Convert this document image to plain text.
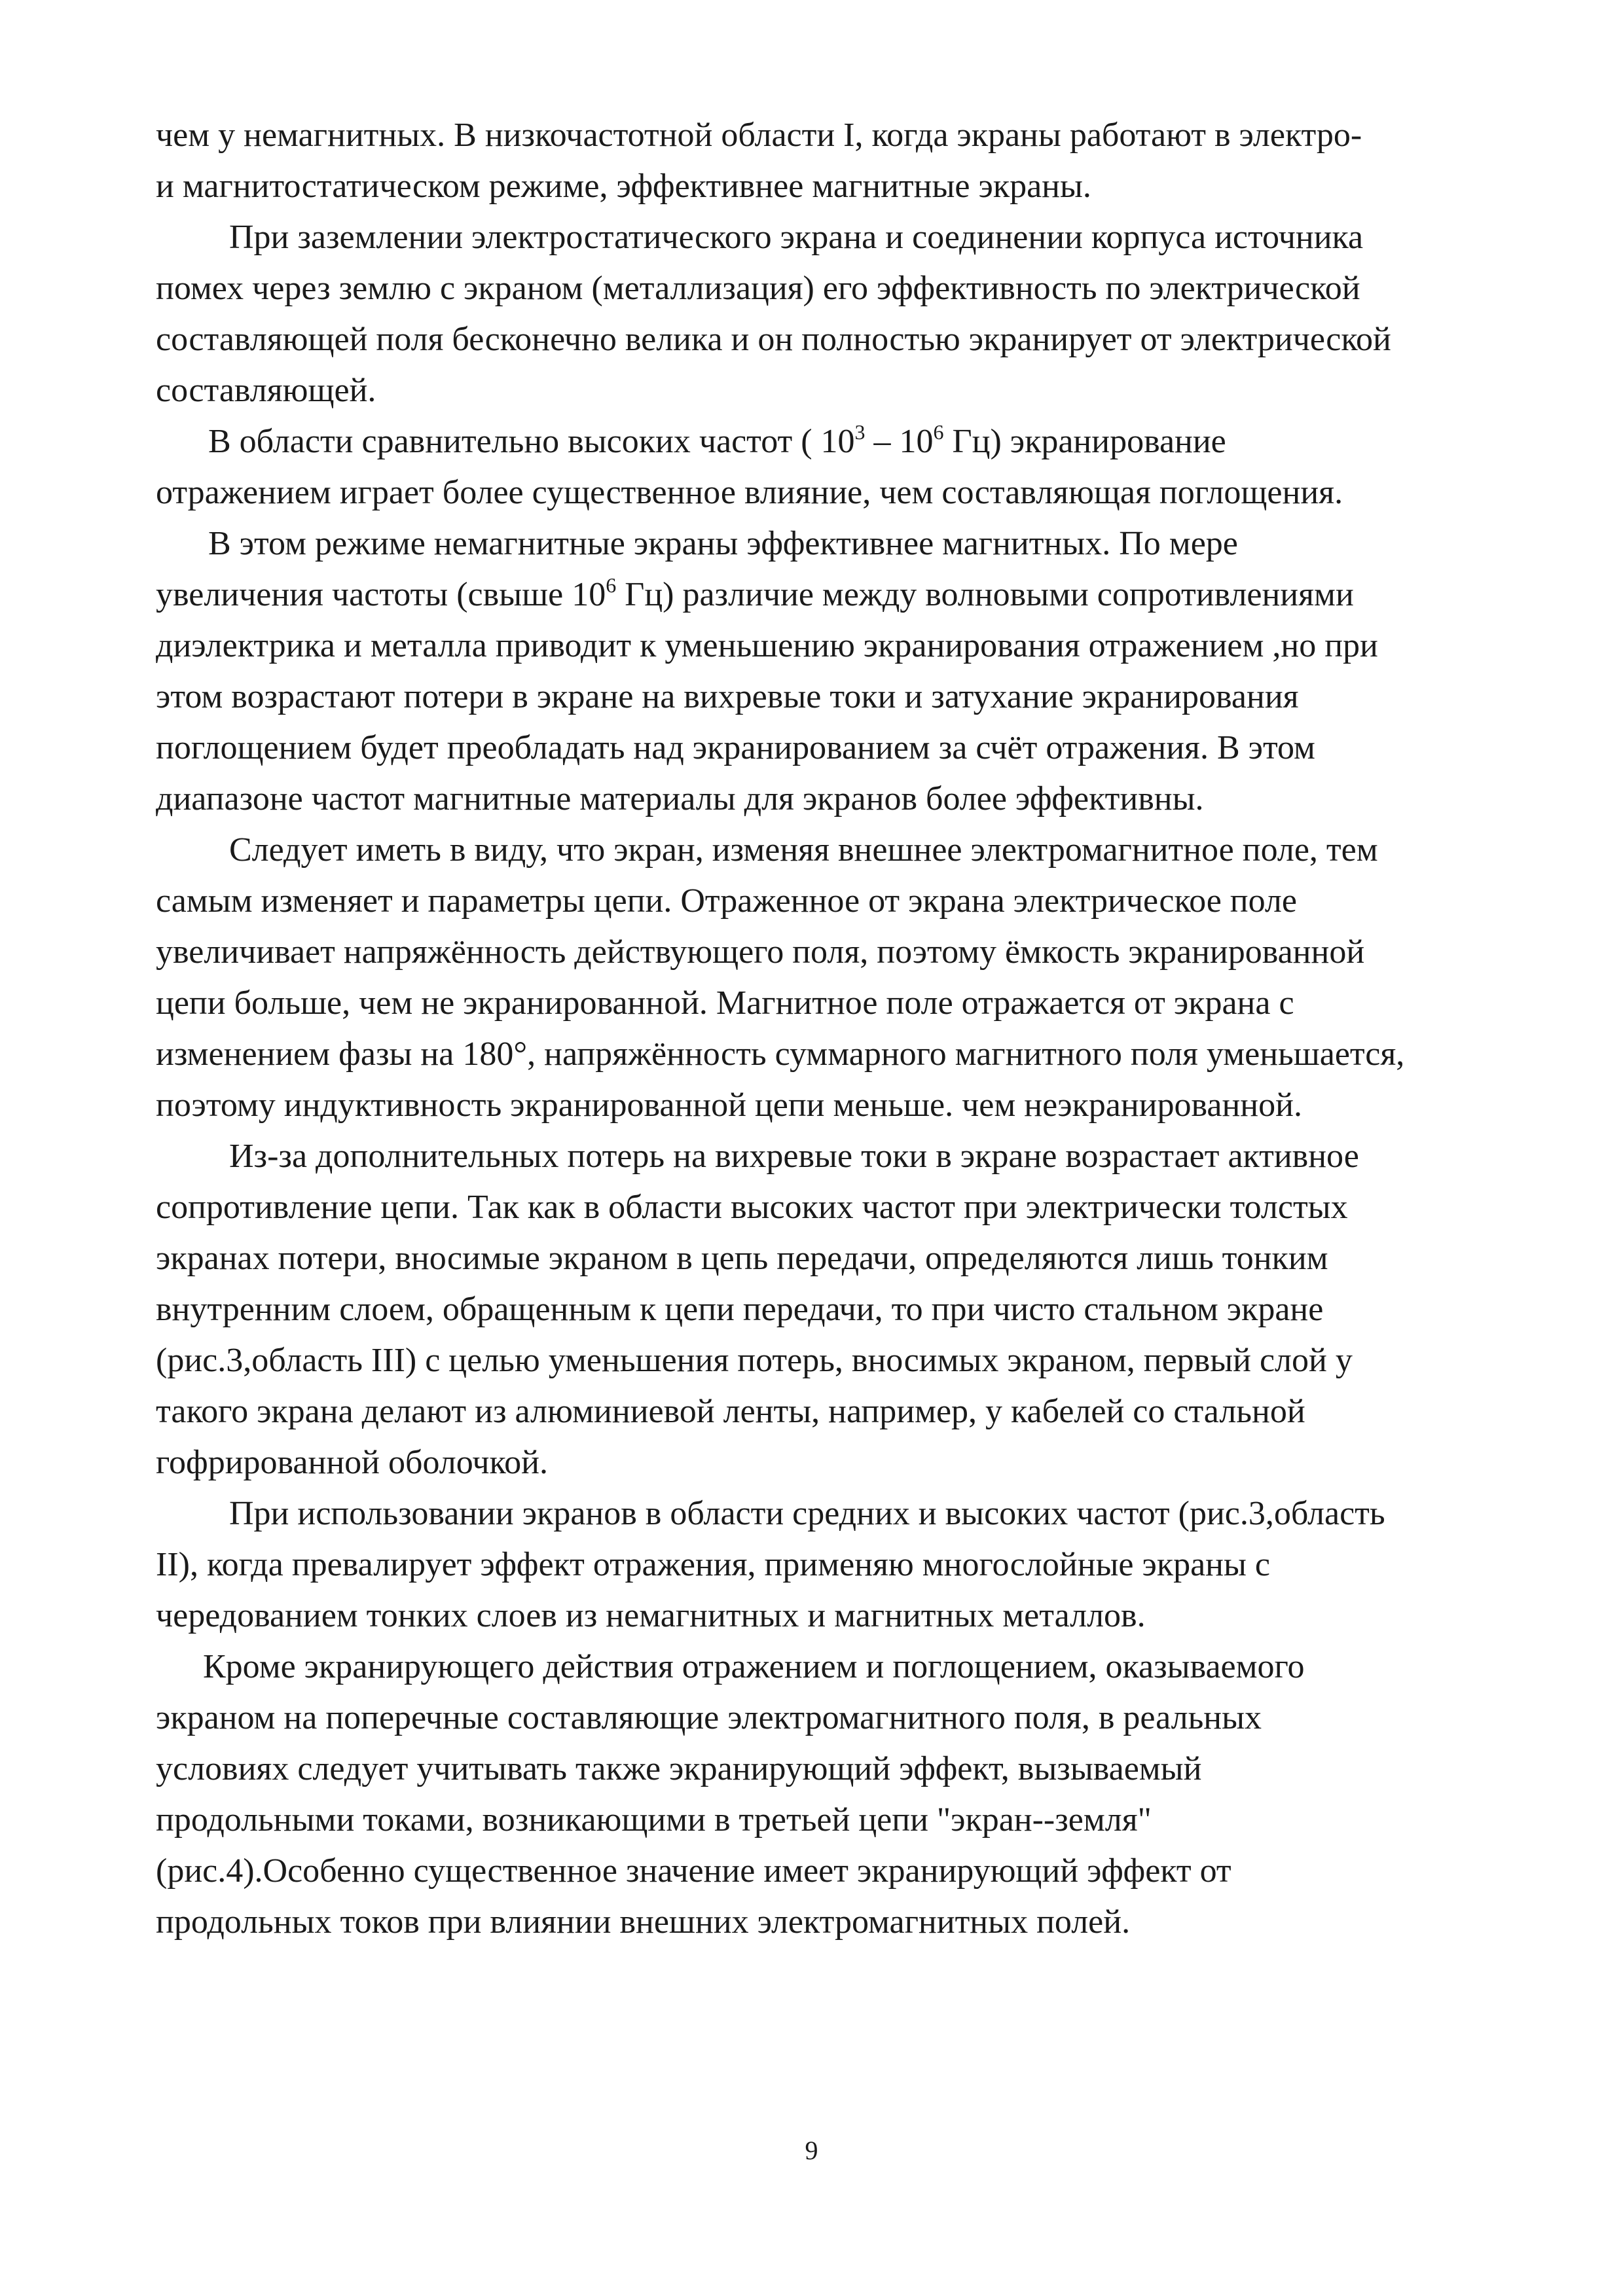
чем у немагнитных. В низкочастотной области I, когда экраны работают в электро-
и магнитостатическом режиме, эффективнее магнитные экраны.
При заземлении электростатического экрана и соединении корпуса источника
помех через землю с экраном (металлизация) его эффективность по электрической
составляющей поля бесконечно велика и он полностью экранирует от электрической
составляющей.
В области сравнительно высоких частот ( $10^3 - 10^6$ Гц) экранирование
отражением играет более существенное влияние, чем составляющая поглощения.
В этом режиме немагнитные экраны эффективнее магнитных. По мере
увеличения частоты (свыше $10^6$ Гц) различие между волновыми сопротивлениями
диэлектрика и металла приводит к уменьшению экранирования отражением ,но при
этом возрастают потери в экране на вихревые токи и затухание экранирования
поглощением будет преобладать над экранированием за счёт отражения. В этом
диапазоне частот магнитные материалы для экранов более эффективны.
Следует иметь в виду, что экран, изменяя внешнее электромагнитное поле, тем
самым изменяет и параметры цепи. Отраженное от экрана электрическое поле
увеличивает напряжённость действующего поля, поэтому ёмкость экранированной
цепи больше, чем не экранированной. Магнитное поле отражается от экрана с
изменением фазы на 180°, напряжённость суммарного магнитного поля уменьшается,
поэтому индуктивность экранированной цепи меньше. чем неэкранированной.
Из-за дополнительных потерь на вихревые токи в экране возрастает активное
сопротивление цепи. Так как в области высоких частот при электрически толстых
экранах потери, вносимые экраном в цепь передачи, определяются лишь тонким
внутренним слоем, обращенным к цепи передачи, то при чисто стальном экране
(рис.3,область III) с целью уменьшения потерь, вносимых экраном, первый слой у
такого экрана делают из алюминиевой ленты, например, у кабелей со стальной
гофрированной оболочкой.
При использовании экранов в области средних и высоких частот (рис.3,область
II), когда превалирует эффект отражения, применяю многослойные экраны с
чередованием тонких слоев из немагнитных и магнитных металлов.
Кроме экранирующего действия отражением и поглощением, оказываемого
экраном на поперечные составляющие электромагнитного поля, в реальных
условиях следует учитывать также экранирующий эффект, вызываемый
продольными токами, возникающими в третьей цепи "экран--земля"
(рис.4).Особенно существенное значение имеет экранирующий эффект от
продольных токов при влиянии внешних электромагнитных полей.
9
